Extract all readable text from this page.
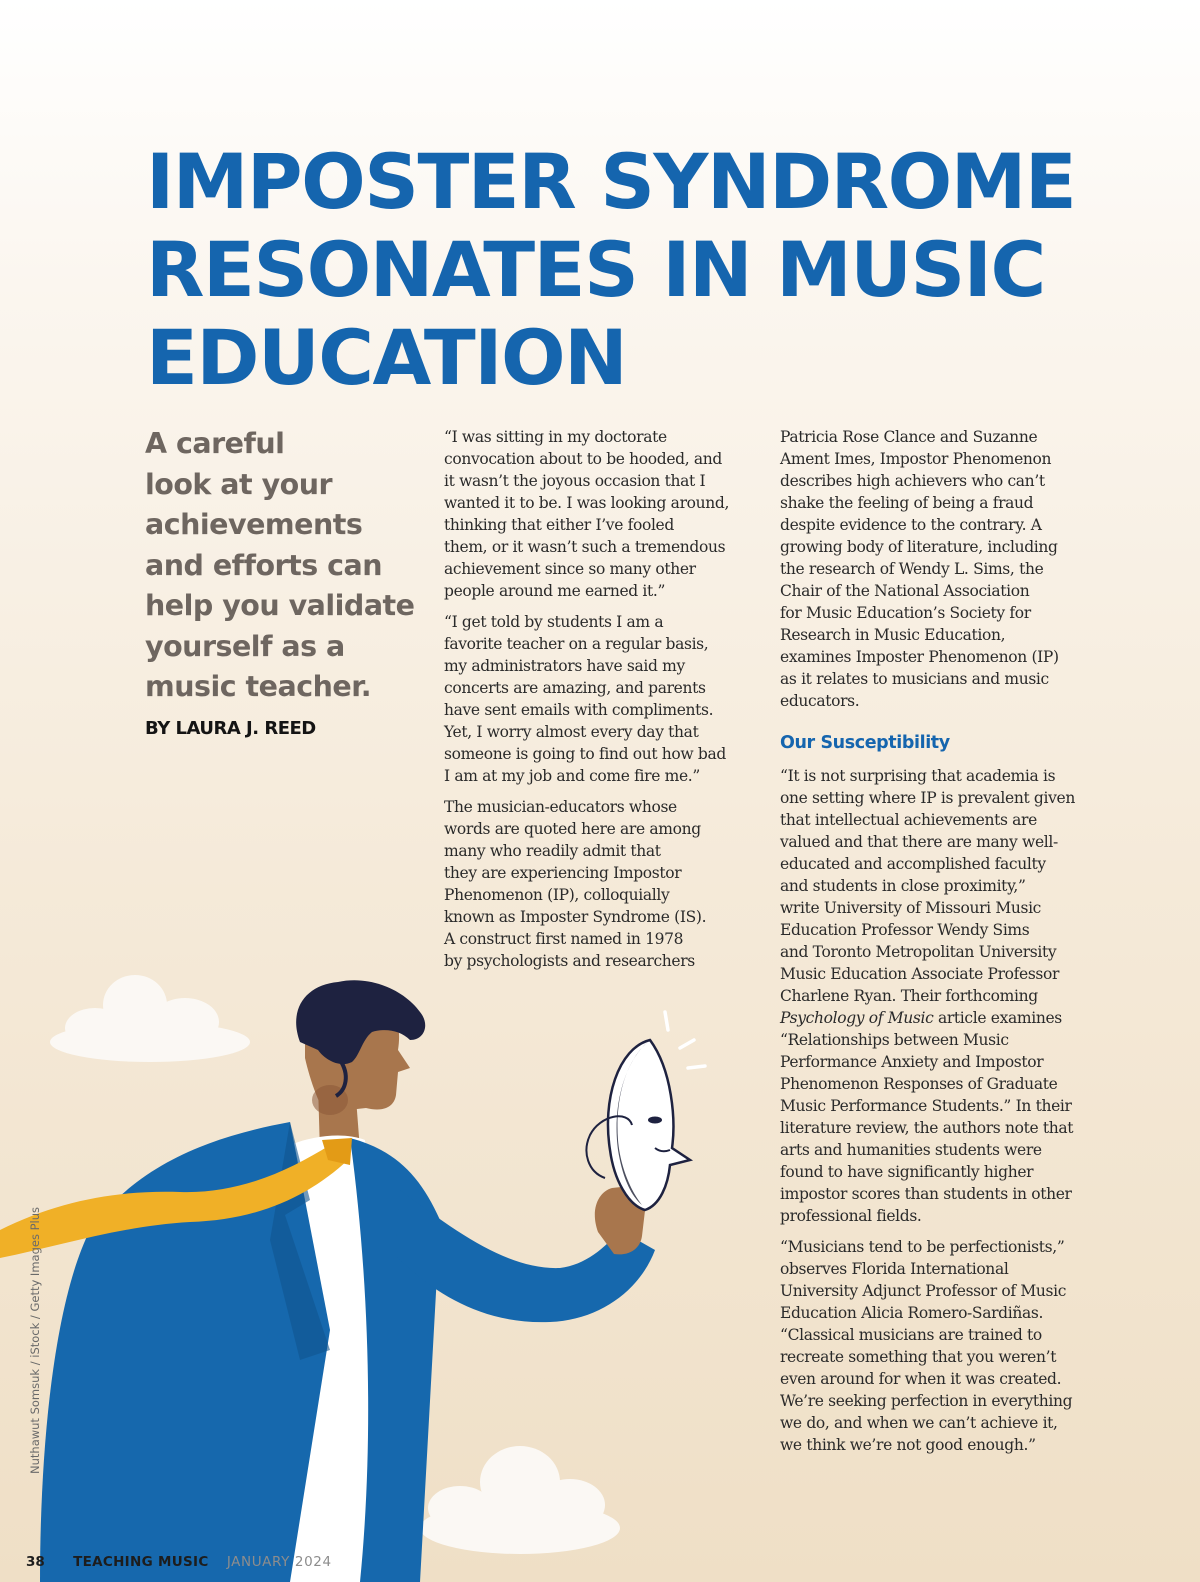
IMPOSTER SYNDROME
RESONATES IN MUSIC
EDUCATION
A careful
look at your
achievements
and efforts can
help you validate
yourself as a
music teacher.
BY LAURA J. REED

“I was sitting in my doctorate
convocation about to be hooded, and
it wasn’t the joyous occasion that I
wanted it to be. I was looking around,
thinking that either I’ve fooled
them, or it wasn’t such a tremendous
achievement since so many other
people around me earned it.”

“I get told by students I am a
favorite teacher on a regular basis,
my administrators have said my
concerts are amazing, and parents
have sent emails with compliments.
Yet, I worry almost every day that
someone is going to find out how bad
I am at my job and come fire me.”

The musician-educators whose
words are quoted here are among
many who readily admit that
they are experiencing Impostor
Phenomenon (IP), colloquially
known as Imposter Syndrome (IS).
A construct first named in 1978
by psychologists and researchers

Patricia Rose Clance and Suzanne
Ament Imes, Impostor Phenomenon
describes high achievers who can’t
shake the feeling of being a fraud
despite evidence to the contrary. A
growing body of literature, including
the research of Wendy L. Sims, the
Chair of the National Association
for Music Education’s Society for
Research in Music Education,
examines Imposter Phenomenon (IP)
as it relates to musicians and music
educators.

Our Susceptibility

“It is not surprising that academia is
one setting where IP is prevalent given
that intellectual achievements are
valued and that there are many well-
educated and accomplished faculty
and students in close proximity,”
write University of Missouri Music
Education Professor Wendy Sims
and Toronto Metropolitan University
Music Education Associate Professor
Charlene Ryan. Their forthcoming
Psychology of Music article examines
“Relationships between Music
Performance Anxiety and Impostor
Phenomenon Responses of Graduate
Music Performance Students.” In their
literature review, the authors note that
arts and humanities students were
found to have significantly higher
impostor scores than students in other
professional fields.

“Musicians tend to be perfectionists,”
observes Florida International
University Adjunct Professor of Music
Education Alicia Romero-Sardiñas.
“Classical musicians are trained to
recreate something that you weren’t
even around for when it was created.
We’re seeking perfection in everything
we do, and when we can’t achieve it,
we think we’re not good enough.”

Nuthawut Somsuk / iStock / Getty Images Plus
38 TEACHING MUSIC JANUARY 2024
